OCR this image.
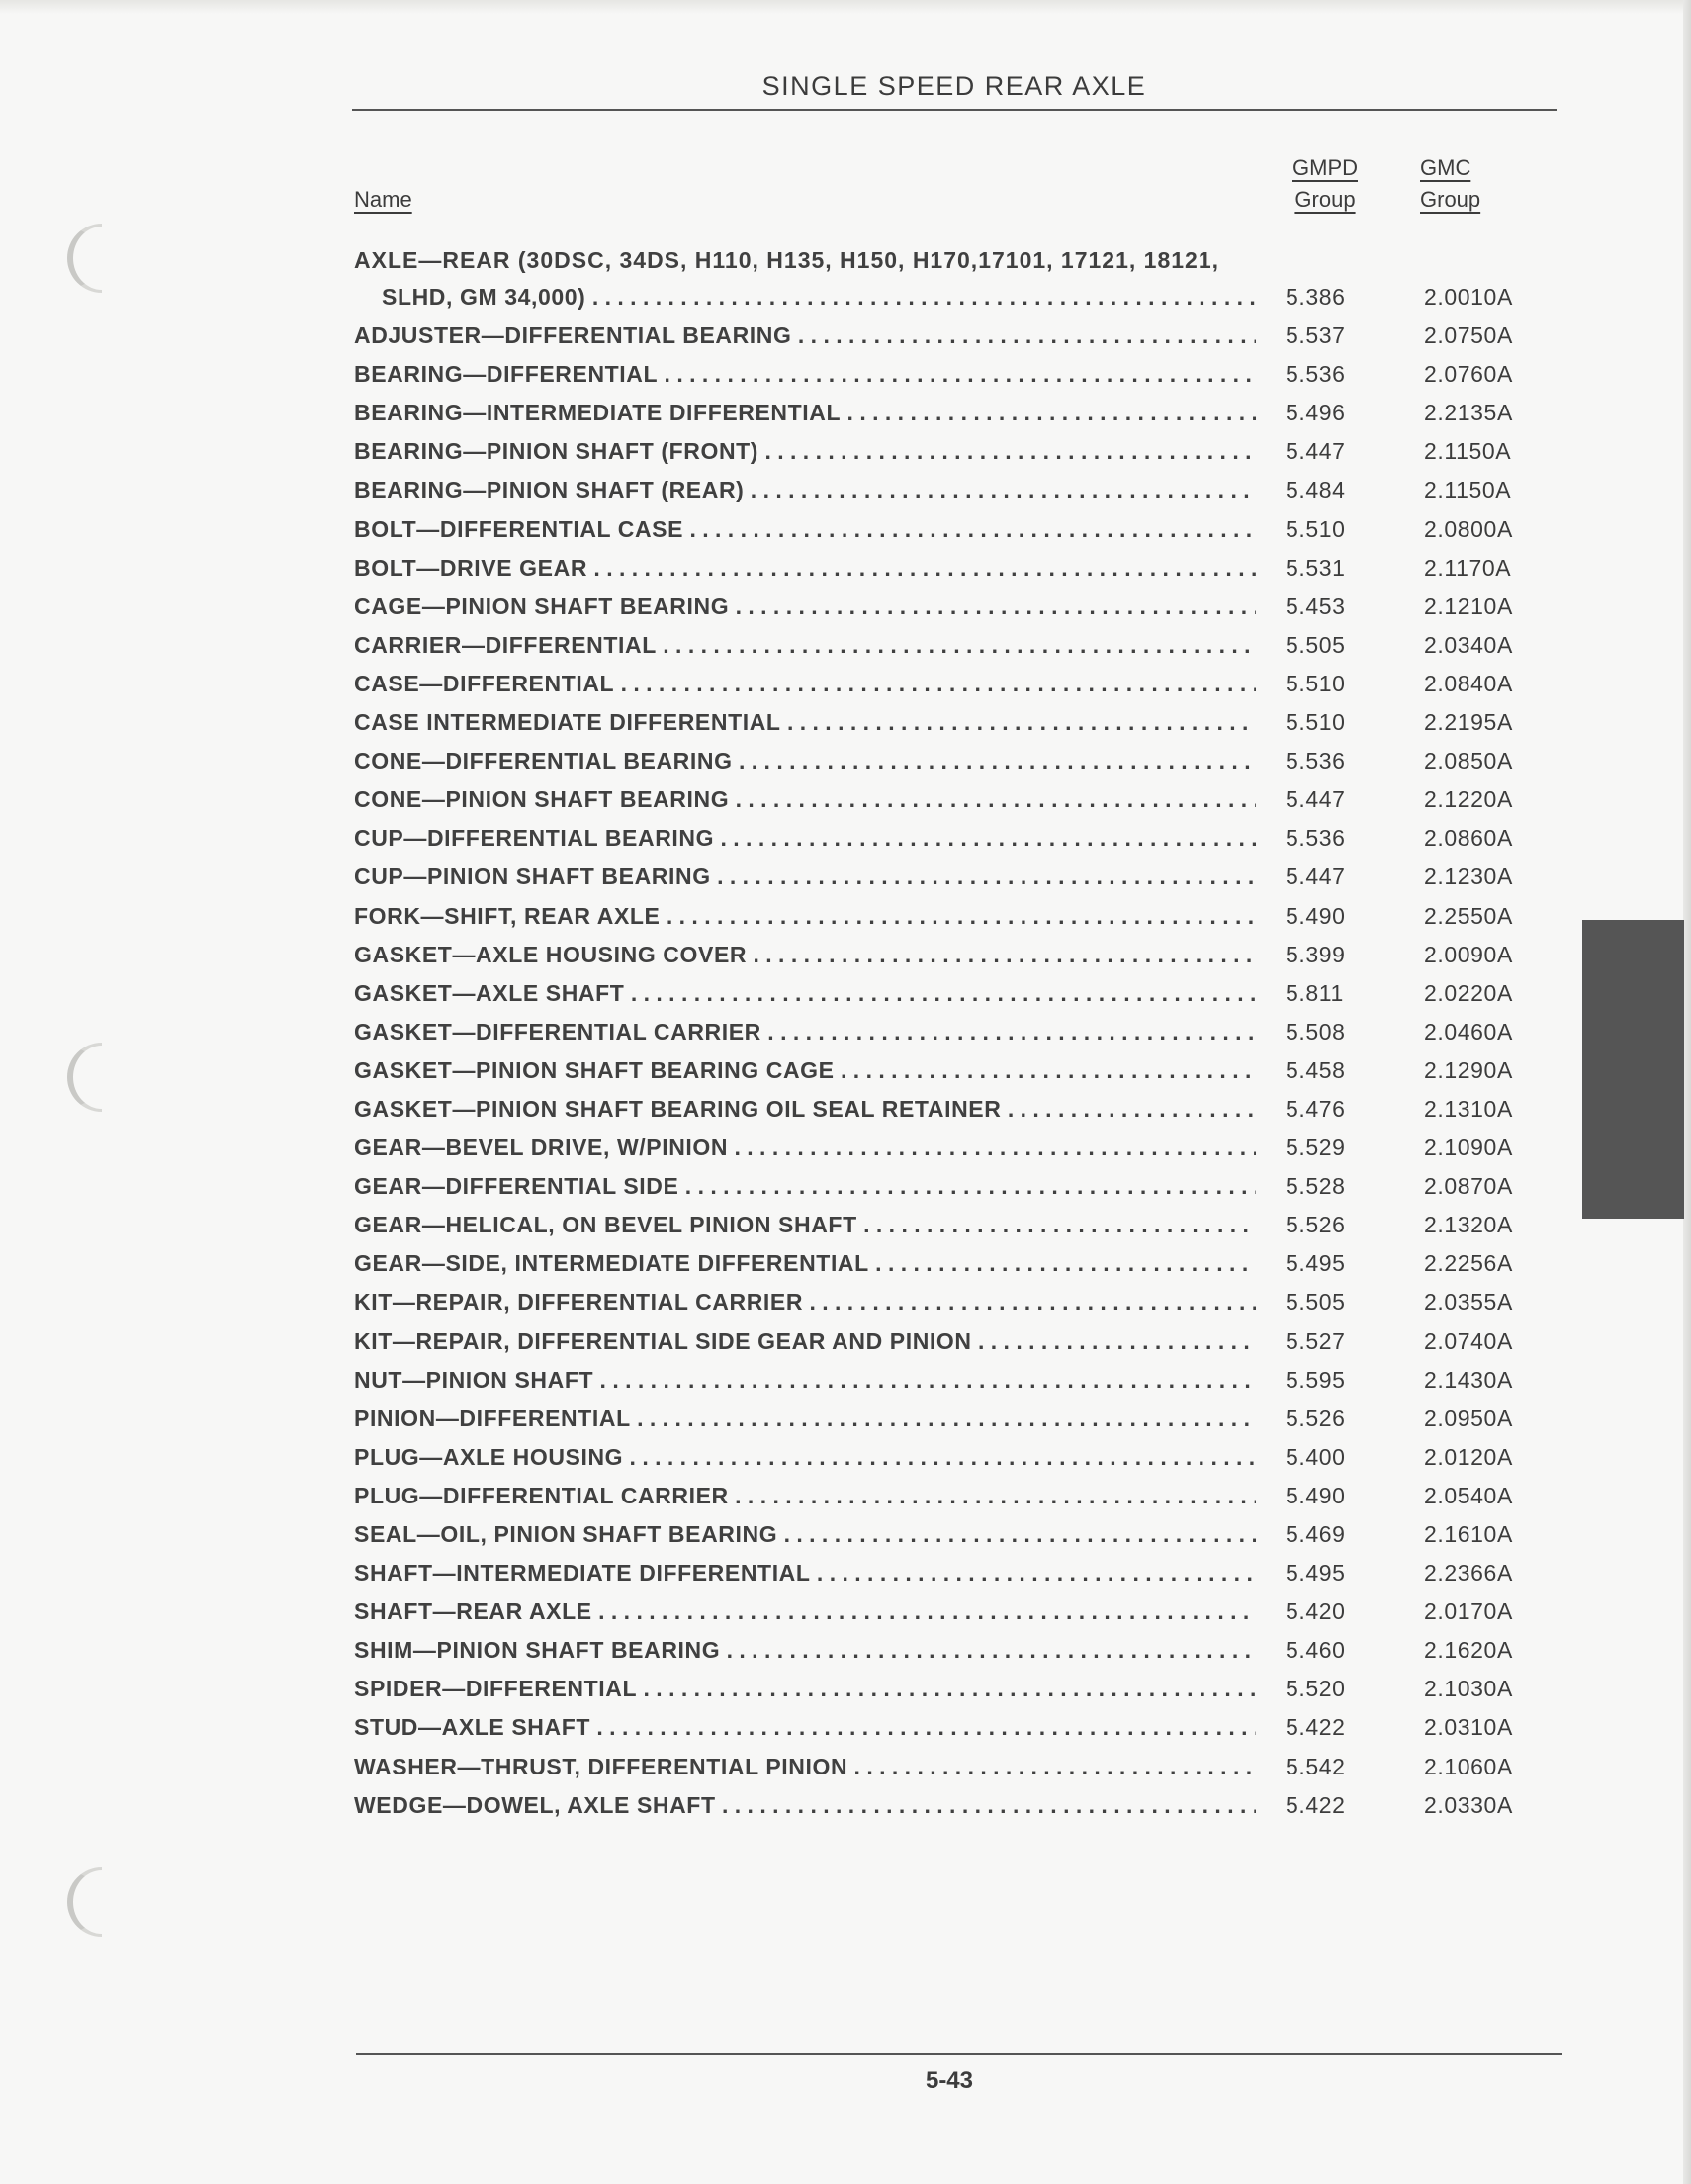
SINGLE SPEED REAR AXLE
Name
GMPD
Group
GMC
Group
AXLE—REAR (30DSC, 34DS, H110, H135, H150, H170,17101, 17121, 18121,
SLHD, GM 34,000) . . .	5.386	2.0010A
ADJUSTER—DIFFERENTIAL BEARING . . .	5.537	2.0750A
BEARING—DIFFERENTIAL . . .	5.536	2.0760A
BEARING—INTERMEDIATE DIFFERENTIAL . . .	5.496	2.2135A
BEARING—PINION SHAFT (FRONT) . . .	5.447	2.1150A
BEARING—PINION SHAFT (REAR) . . .	5.484	2.1150A
BOLT—DIFFERENTIAL CASE . . .	5.510	2.0800A
BOLT—DRIVE GEAR . . .	5.531	2.1170A
CAGE—PINION SHAFT BEARING . . .	5.453	2.1210A
CARRIER—DIFFERENTIAL . . .	5.505	2.0340A
CASE—DIFFERENTIAL . . .	5.510	2.0840A
CASE INTERMEDIATE DIFFERENTIAL . . .	5.510	2.2195A
CONE—DIFFERENTIAL BEARING . . .	5.536	2.0850A
CONE—PINION SHAFT BEARING . . .	5.447	2.1220A
CUP—DIFFERENTIAL BEARING . . .	5.536	2.0860A
CUP—PINION SHAFT BEARING . . .	5.447	2.1230A
FORK—SHIFT, REAR AXLE . . .	5.490	2.2550A
GASKET—AXLE HOUSING COVER . . .	5.399	2.0090A
GASKET—AXLE SHAFT . . .	5.811	2.0220A
GASKET—DIFFERENTIAL CARRIER . . .	5.508	2.0460A
GASKET—PINION SHAFT BEARING CAGE . . .	5.458	2.1290A
GASKET—PINION SHAFT BEARING OIL SEAL RETAINER . . .	5.476	2.1310A
GEAR—BEVEL DRIVE, W/PINION . . .	5.529	2.1090A
GEAR—DIFFERENTIAL SIDE . . .	5.528	2.0870A
GEAR—HELICAL, ON BEVEL PINION SHAFT . . .	5.526	2.1320A
GEAR—SIDE, INTERMEDIATE DIFFERENTIAL . . .	5.495	2.2256A
KIT—REPAIR, DIFFERENTIAL CARRIER . . .	5.505	2.0355A
KIT—REPAIR, DIFFERENTIAL SIDE GEAR AND PINION . . .	5.527	2.0740A
NUT—PINION SHAFT . . .	5.595	2.1430A
PINION—DIFFERENTIAL . . .	5.526	2.0950A
PLUG—AXLE HOUSING . . .	5.400	2.0120A
PLUG—DIFFERENTIAL CARRIER . . .	5.490	2.0540A
SEAL—OIL, PINION SHAFT BEARING . . .	5.469	2.1610A
SHAFT—INTERMEDIATE DIFFERENTIAL . . .	5.495	2.2366A
SHAFT—REAR AXLE . . .	5.420	2.0170A
SHIM—PINION SHAFT BEARING . . .	5.460	2.1620A
SPIDER—DIFFERENTIAL . . .	5.520	2.1030A
STUD—AXLE SHAFT . . .	5.422	2.0310A
WASHER—THRUST, DIFFERENTIAL PINION . . .	5.542	2.1060A
WEDGE—DOWEL, AXLE SHAFT . . .	5.422	2.0330A
5-43
